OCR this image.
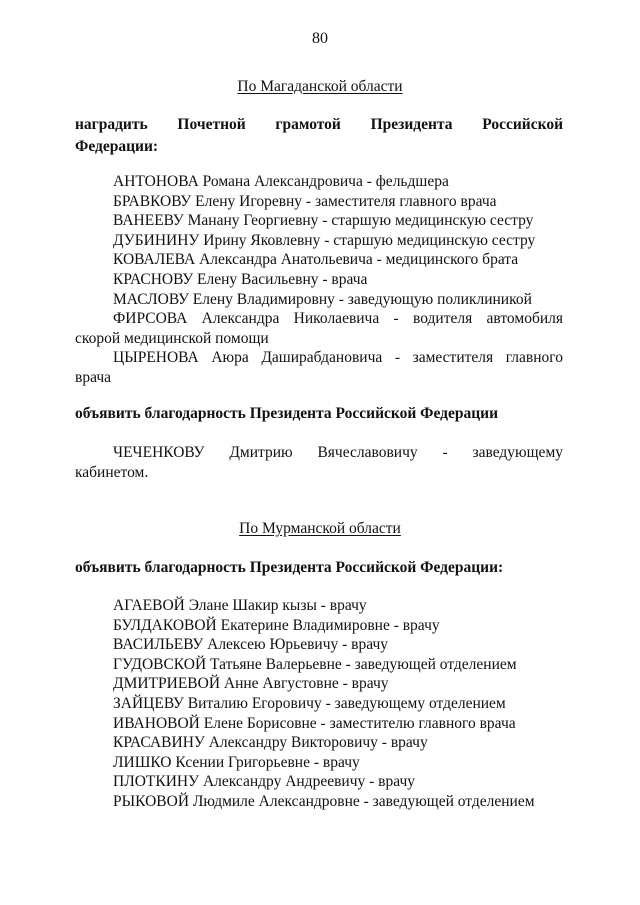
80
По Магаданской области
наградить Почетной грамотой Президента Российской
Федерации:
АНТОНОВА Романа Александровича - фельдшера
БРАВКОВУ Елену Игоревну - заместителя главного врача
ВАНЕЕВУ Манану Георгиевну - старшую медицинскую сестру
ДУБИНИНУ Ирину Яковлевну - старшую медицинскую сестру
КОВАЛЕВА Александра Анатольевича - медицинского брата
КРАСНОВУ Елену Васильевну - врача
МАСЛОВУ Елену Владимировну - заведующую поликлиникой
ФИРСОВА Александра Николаевича - водителя автомобиля
скорой медицинской помощи
ЦЫРЕНОВА Аюра Даширабдановича - заместителя главного
врача
объявить благодарность Президента Российской Федерации
ЧЕЧЕНКОВУ Дмитрию Вячеславовичу - заведующему
кабинетом.
По Мурманской области
объявить благодарность Президента Российской Федерации:
АГАЕВОЙ Элане Шакир кызы - врачу
БУЛДАКОВОЙ Екатерине Владимировне - врачу
ВАСИЛЬЕВУ Алексею Юрьевичу - врачу
ГУДОВСКОЙ Татьяне Валерьевне - заведующей отделением
ДМИТРИЕВОЙ Анне Августовне - врачу
ЗАЙЦЕВУ Виталию Егоровичу - заведующему отделением
ИВАНОВОЙ Елене Борисовне - заместителю главного врача
КРАСАВИНУ Александру Викторовичу - врачу
ЛИШКО Ксении Григорьевне - врачу
ПЛОТКИНУ Александру Андреевичу - врачу
РЫКОВОЙ Людмиле Александровне - заведующей отделением
